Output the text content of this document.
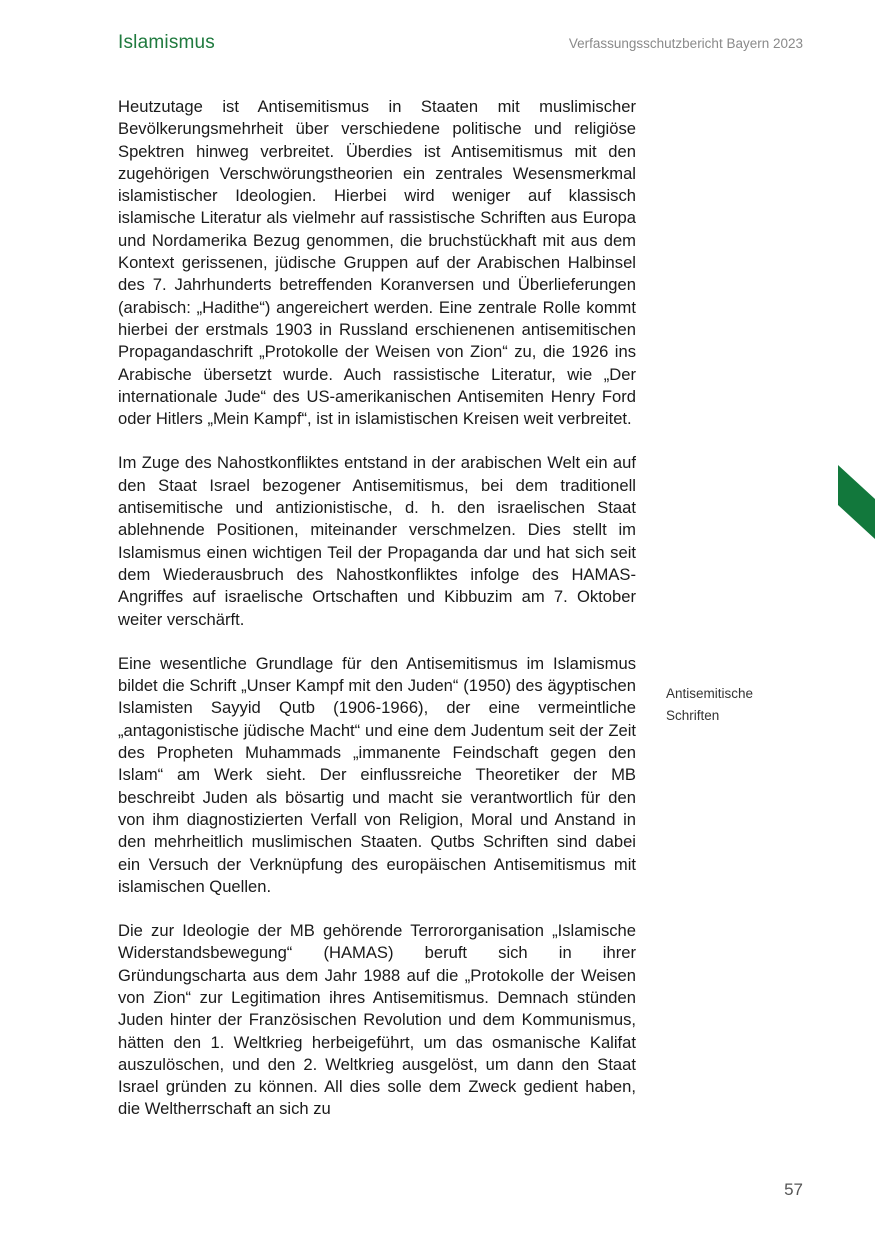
Islamismus	Verfassungsschutzbericht Bayern 2023

Heutzutage ist Antisemitismus in Staaten mit muslimischer Bevölkerungsmehrheit über verschiedene politische und religiöse Spektren hinweg verbreitet. Überdies ist Antisemitismus mit den zugehörigen Verschwörungstheorien ein zentrales Wesensmerkmal islamistischer Ideologien. Hierbei wird weniger auf klassisch islamische Literatur als vielmehr auf rassistische Schriften aus Europa und Nordamerika Bezug genommen, die bruchstückhaft mit aus dem Kontext gerissenen, jüdische Gruppen auf der Arabischen Halbinsel des 7. Jahrhunderts betreffenden Koranversen und Überlieferungen (arabisch: „Hadithe“) angereichert werden. Eine zentrale Rolle kommt hierbei der erstmals 1903 in Russland erschienenen antisemitischen Propagandaschrift „Protokolle der Weisen von Zion“ zu, die 1926 ins Arabische übersetzt wurde. Auch rassistische Literatur, wie „Der internationale Jude“ des US-amerikanischen Antisemiten Henry Ford oder Hitlers „Mein Kampf“, ist in islamistischen Kreisen weit verbreitet.

Im Zuge des Nahostkonfliktes entstand in der arabischen Welt ein auf den Staat Israel bezogener Antisemitismus, bei dem traditionell antisemitische und antizionistische, d. h. den israelischen Staat ablehnende Positionen, miteinander verschmelzen. Dies stellt im Islamismus einen wichtigen Teil der Propaganda dar und hat sich seit dem Wiederausbruch des Nahostkonfliktes infolge des HAMAS-Angriffes auf israelische Ortschaften und Kibbuzim am 7. Oktober weiter verschärft.

Eine wesentliche Grundlage für den Antisemitismus im Islamismus bildet die Schrift „Unser Kampf mit den Juden“ (1950) des ägyptischen Islamisten Sayyid Qutb (1906-1966), der eine vermeintliche „antagonistische jüdische Macht“ und eine dem Judentum seit der Zeit des Propheten Muhammads „immanente Feindschaft gegen den Islam“ am Werk sieht. Der einflussreiche Theoretiker der MB beschreibt Juden als bösartig und macht sie verantwortlich für den von ihm diagnostizierten Verfall von Religion, Moral und Anstand in den mehrheitlich muslimischen Staaten. Qutbs Schriften sind dabei ein Versuch der Verknüpfung des europäischen Antisemitismus mit islamischen Quellen.

Die zur Ideologie der MB gehörende Terrororganisation „Islamische Widerstandsbewegung“ (HAMAS) beruft sich in ihrer Gründungscharta aus dem Jahr 1988 auf die „Protokolle der Weisen von Zion“ zur Legitimation ihres Antisemitismus. Demnach stünden Juden hinter der Französischen Revolution und dem Kommunismus, hätten den 1. Weltkrieg herbeigeführt, um das osmanische Kalifat auszulöschen, und den 2. Weltkrieg ausgelöst, um dann den Staat Israel gründen zu können. All dies solle dem Zweck gedient haben, die Weltherrschaft an sich zu

Antisemitische
Schriften
57
